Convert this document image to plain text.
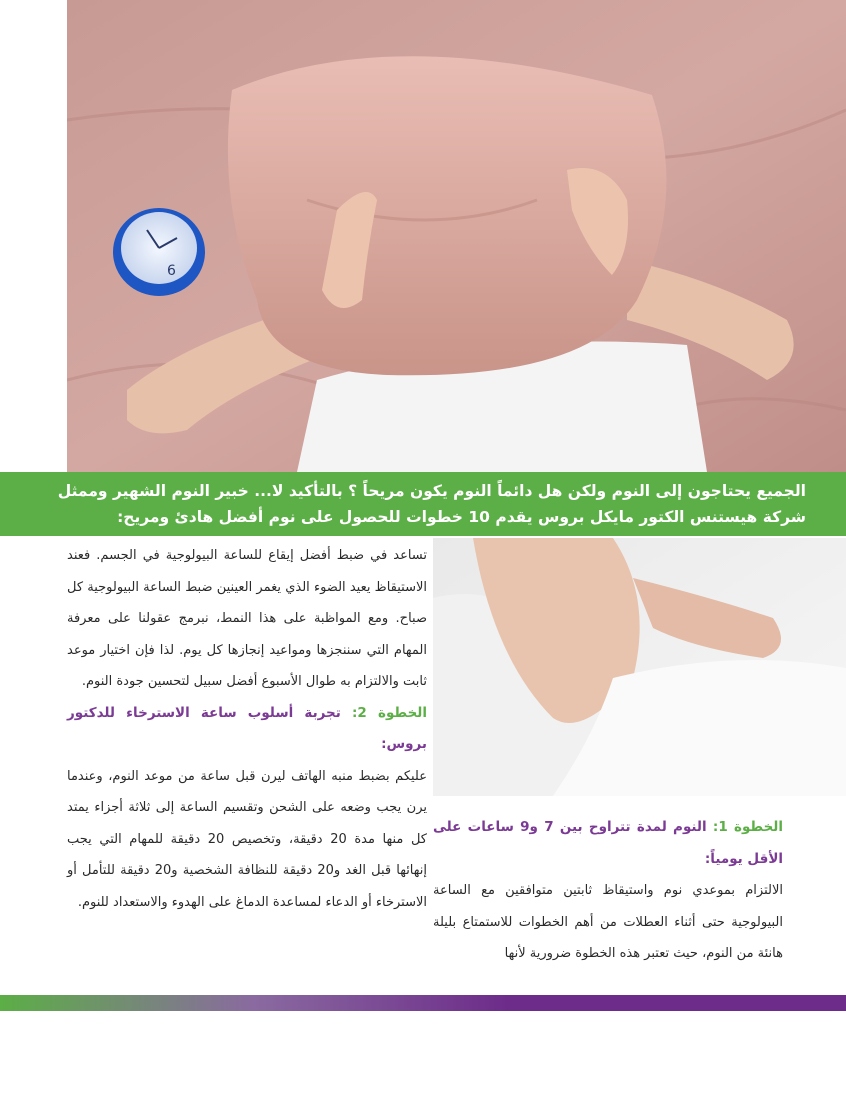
6

الجميع يحتاجون إلى النوم ولكن هل دائماً النوم يكون مريحاً ؟ بالتأكيد لا... خبير النوم الشهير وممثل شركة هيستنس الكتور مايكل بروس يقدم 10 خطوات للحصول على نوم أفضل هادئ ومريح:

تساعد في ضبط أفضل إيقاع للساعة البيولوجية في الجسم. فعند الاستيقاظ يعيد الضوء الذي يغمر العينين ضبط الساعة البيولوجية كل صباح. ومع المواظبة على هذا النمط، نبرمج عقولنا على معرفة المهام التي سننجزها ومواعيد إنجازها كل يوم. لذا فإن اختيار موعد ثابت والالتزام به طوال الأسبوع أفضل سبيل لتحسين جودة النوم.

الخطوة 2: تجربة أسلوب ساعة الاسترخاء للدكتور بروس:

عليكم بضبط منبه الهاتف ليرن قبل ساعة من موعد النوم، وعندما يرن يجب وضعه على الشحن وتقسيم الساعة إلى ثلاثة أجزاء يمتد كل منها مدة 20 دقيقة، وتخصيص 20 دقيقة للمهام التي يجب إنهائها قبل الغد و20 دقيقة للنظافة الشخصية و20 دقيقة للتأمل أو الاسترخاء أو الدعاء لمساعدة الدماغ على الهدوء والاستعداد للنوم.

الخطوة 1: النوم لمدة تتراوح بين 7 و9 ساعات على الأقل يومياً:

الالتزام بموعدي نوم واستيقاظ ثابتين متوافقين مع الساعة البيولوجية حتى أثناء العطلات من أهم الخطوات للاستمتاع بليلة هانئة من النوم، حيث تعتبر هذه الخطوة ضرورية لأنها
